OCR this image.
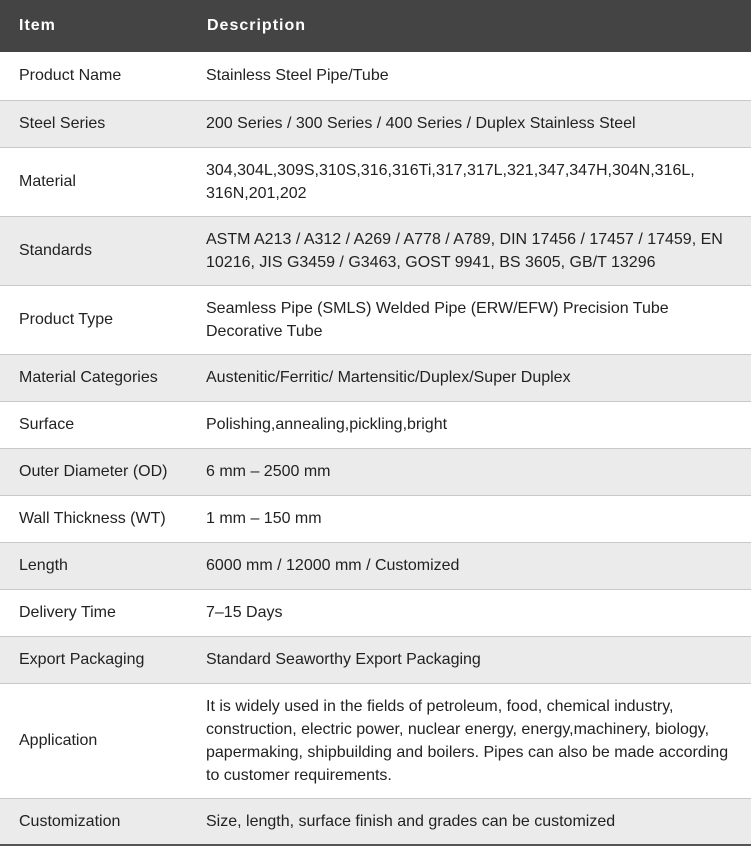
Item	Description
Product Name	Stainless Steel Pipe/Tube
Steel Series	200 Series / 300 Series / 400 Series / Duplex Stainless Steel
Material	304,304L,309S,310S,316,316Ti,317,317L,321,347,347H,304N,316L, 316N,201,202
Standards	ASTM A213 / A312 / A269 / A778 / A789, DIN 17456 / 17457 / 17459, EN 10216, JIS G3459 / G3463, GOST 9941, BS 3605, GB/T 13296
Product Type	Seamless Pipe (SMLS) Welded Pipe (ERW/EFW) Precision Tube Decorative Tube
Material Categories	Austenitic/Ferritic/ Martensitic/Duplex/Super Duplex
Surface	Polishing,annealing,pickling,bright
Outer Diameter (OD)	6 mm – 2500 mm
Wall Thickness (WT)	1 mm – 150 mm
Length	6000 mm / 12000 mm / Customized
Delivery Time	7–15 Days
Export Packaging	Standard Seaworthy Export Packaging
Application	It is widely used in the fields of petroleum, food, chemical industry, construction, electric power, nuclear energy, energy,machinery, biology, papermaking, shipbuilding and boilers. Pipes can also be made according to customer requirements.
Customization	Size, length, surface finish and grades can be customized
